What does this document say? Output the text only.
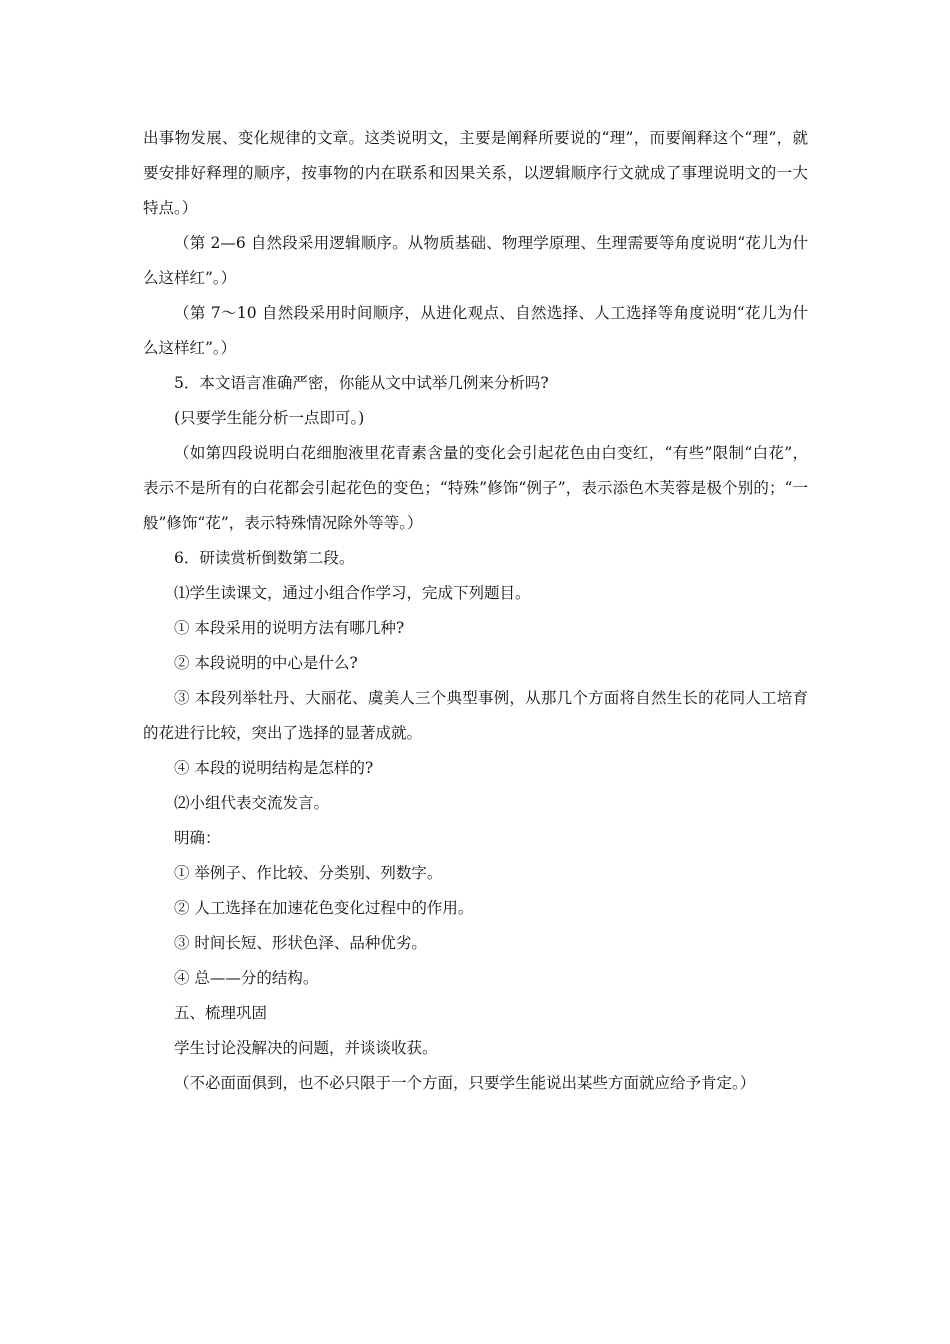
出事物发展、变化规律的文章。这类说明文，主要是阐释所要说的“理”，而要阐释这个“理”，就要安排好释理的顺序，按事物的内在联系和因果关系，以逻辑顺序行文就成了事理说明文的一大特点。）

（第 2—6 自然段采用逻辑顺序。从物质基础、物理学原理、生理需要等角度说明“花儿为什么这样红”。）

（第 7～10 自然段采用时间顺序，从进化观点、自然选择、人工选择等角度说明“花儿为什么这样红”。）

5．本文语言准确严密，你能从文中试举几例来分析吗?

(只要学生能分析一点即可。)

（如第四段说明白花细胞液里花青素含量的变化会引起花色由白变红，“有些”限制“白花”，表示不是所有的白花都会引起花色的变色；“特殊”修饰“例子”，表示添色木芙蓉是极个别的；“一般”修饰“花”，表示特殊情况除外等等。）

6．研读赏析倒数第二段。

⑴学生读课文，通过小组合作学习，完成下列题目。

① 本段采用的说明方法有哪几种?

② 本段说明的中心是什么?

③ 本段列举牡丹、大丽花、虞美人三个典型事例，从那几个方面将自然生长的花同人工培育的花进行比较，突出了选择的显著成就。

④ 本段的说明结构是怎样的?

⑵小组代表交流发言。

明确：

① 举例子、作比较、分类别、列数字。

② 人工选择在加速花色变化过程中的作用。

③ 时间长短、形状色泽、品种优劣。

④ 总——分的结构。

五、梳理巩固

学生讨论没解决的问题，并谈谈收获。

（不必面面俱到，也不必只限于一个方面，只要学生能说出某些方面就应给予肯定。）
